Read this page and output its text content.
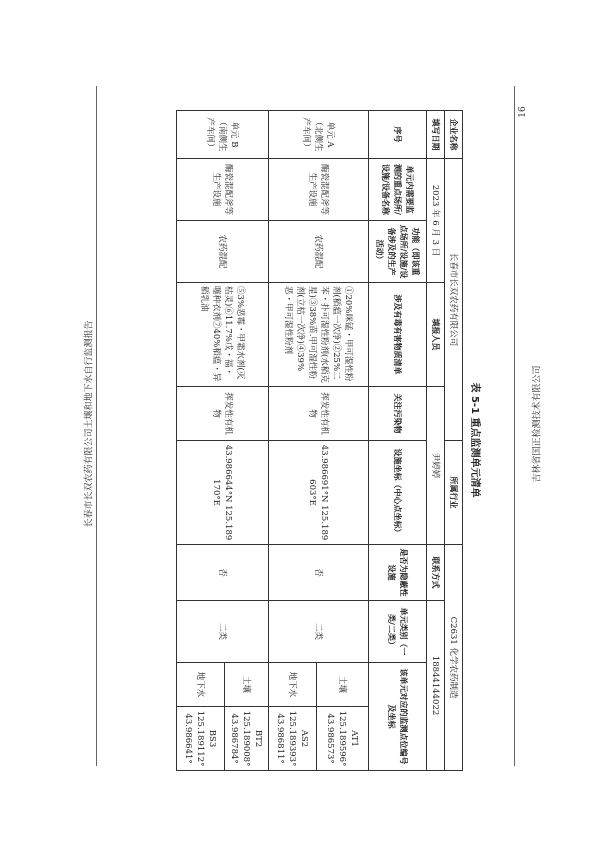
长春市长双农药有限公司土壤和地下水自行监测报告
16
吉林省国正检测技术有限公司
表 5-1 重点监测单元清单
企业名称	长春市长双农药有限公司				所属行业	C2631 化学农药制造			
填写日期	2023 年 6 月 3 日		填报人员	尹婷婷		联系方式	18844144022		
序号	单元内需要监测的重点场所/设施/设备名称	功能（即该重点场所/设施/设备涉及的生产活动）	涉及有毒有害物质清单	关注污染物	设施坐标（中心点坐标）	是否为隐蔽性设施	单元类别（一类/二类）	该单元对应的监测点位编号及坐标	
单元 A（北侧生产车间）	酶瓷混配斧等生产设施	农药混配	①20%咪锰・甲可湿性粉剂(稻瘟一次净)②25%二苯・扑可湿性粉剂(水稻克星)③38%苗.甲可湿性粉剂(立枯一次净)④39%恶・甲可湿性粉剂	挥发性有机物	43.986691°N 125.189603°E	否	二类	土壤	AT1
125.189596°
43.986573°

								地下水	AS2
125.189393°
43.986811°

单元 B（南侧生产车间）	酶瓷混配斧等生产设施	农药混配	⑤3%恶霉・甲霜水剂(灭枯灵)⑥11.7%戊・福・噻种衣剂⑦40%稻瘟・异稻乳油	挥发性有机物	43.986644°N 125.189170°E	否	二类	土壤	BT2
125.189008°
43.986784°

								地下水	BS3
125.189112°
43.986641°
